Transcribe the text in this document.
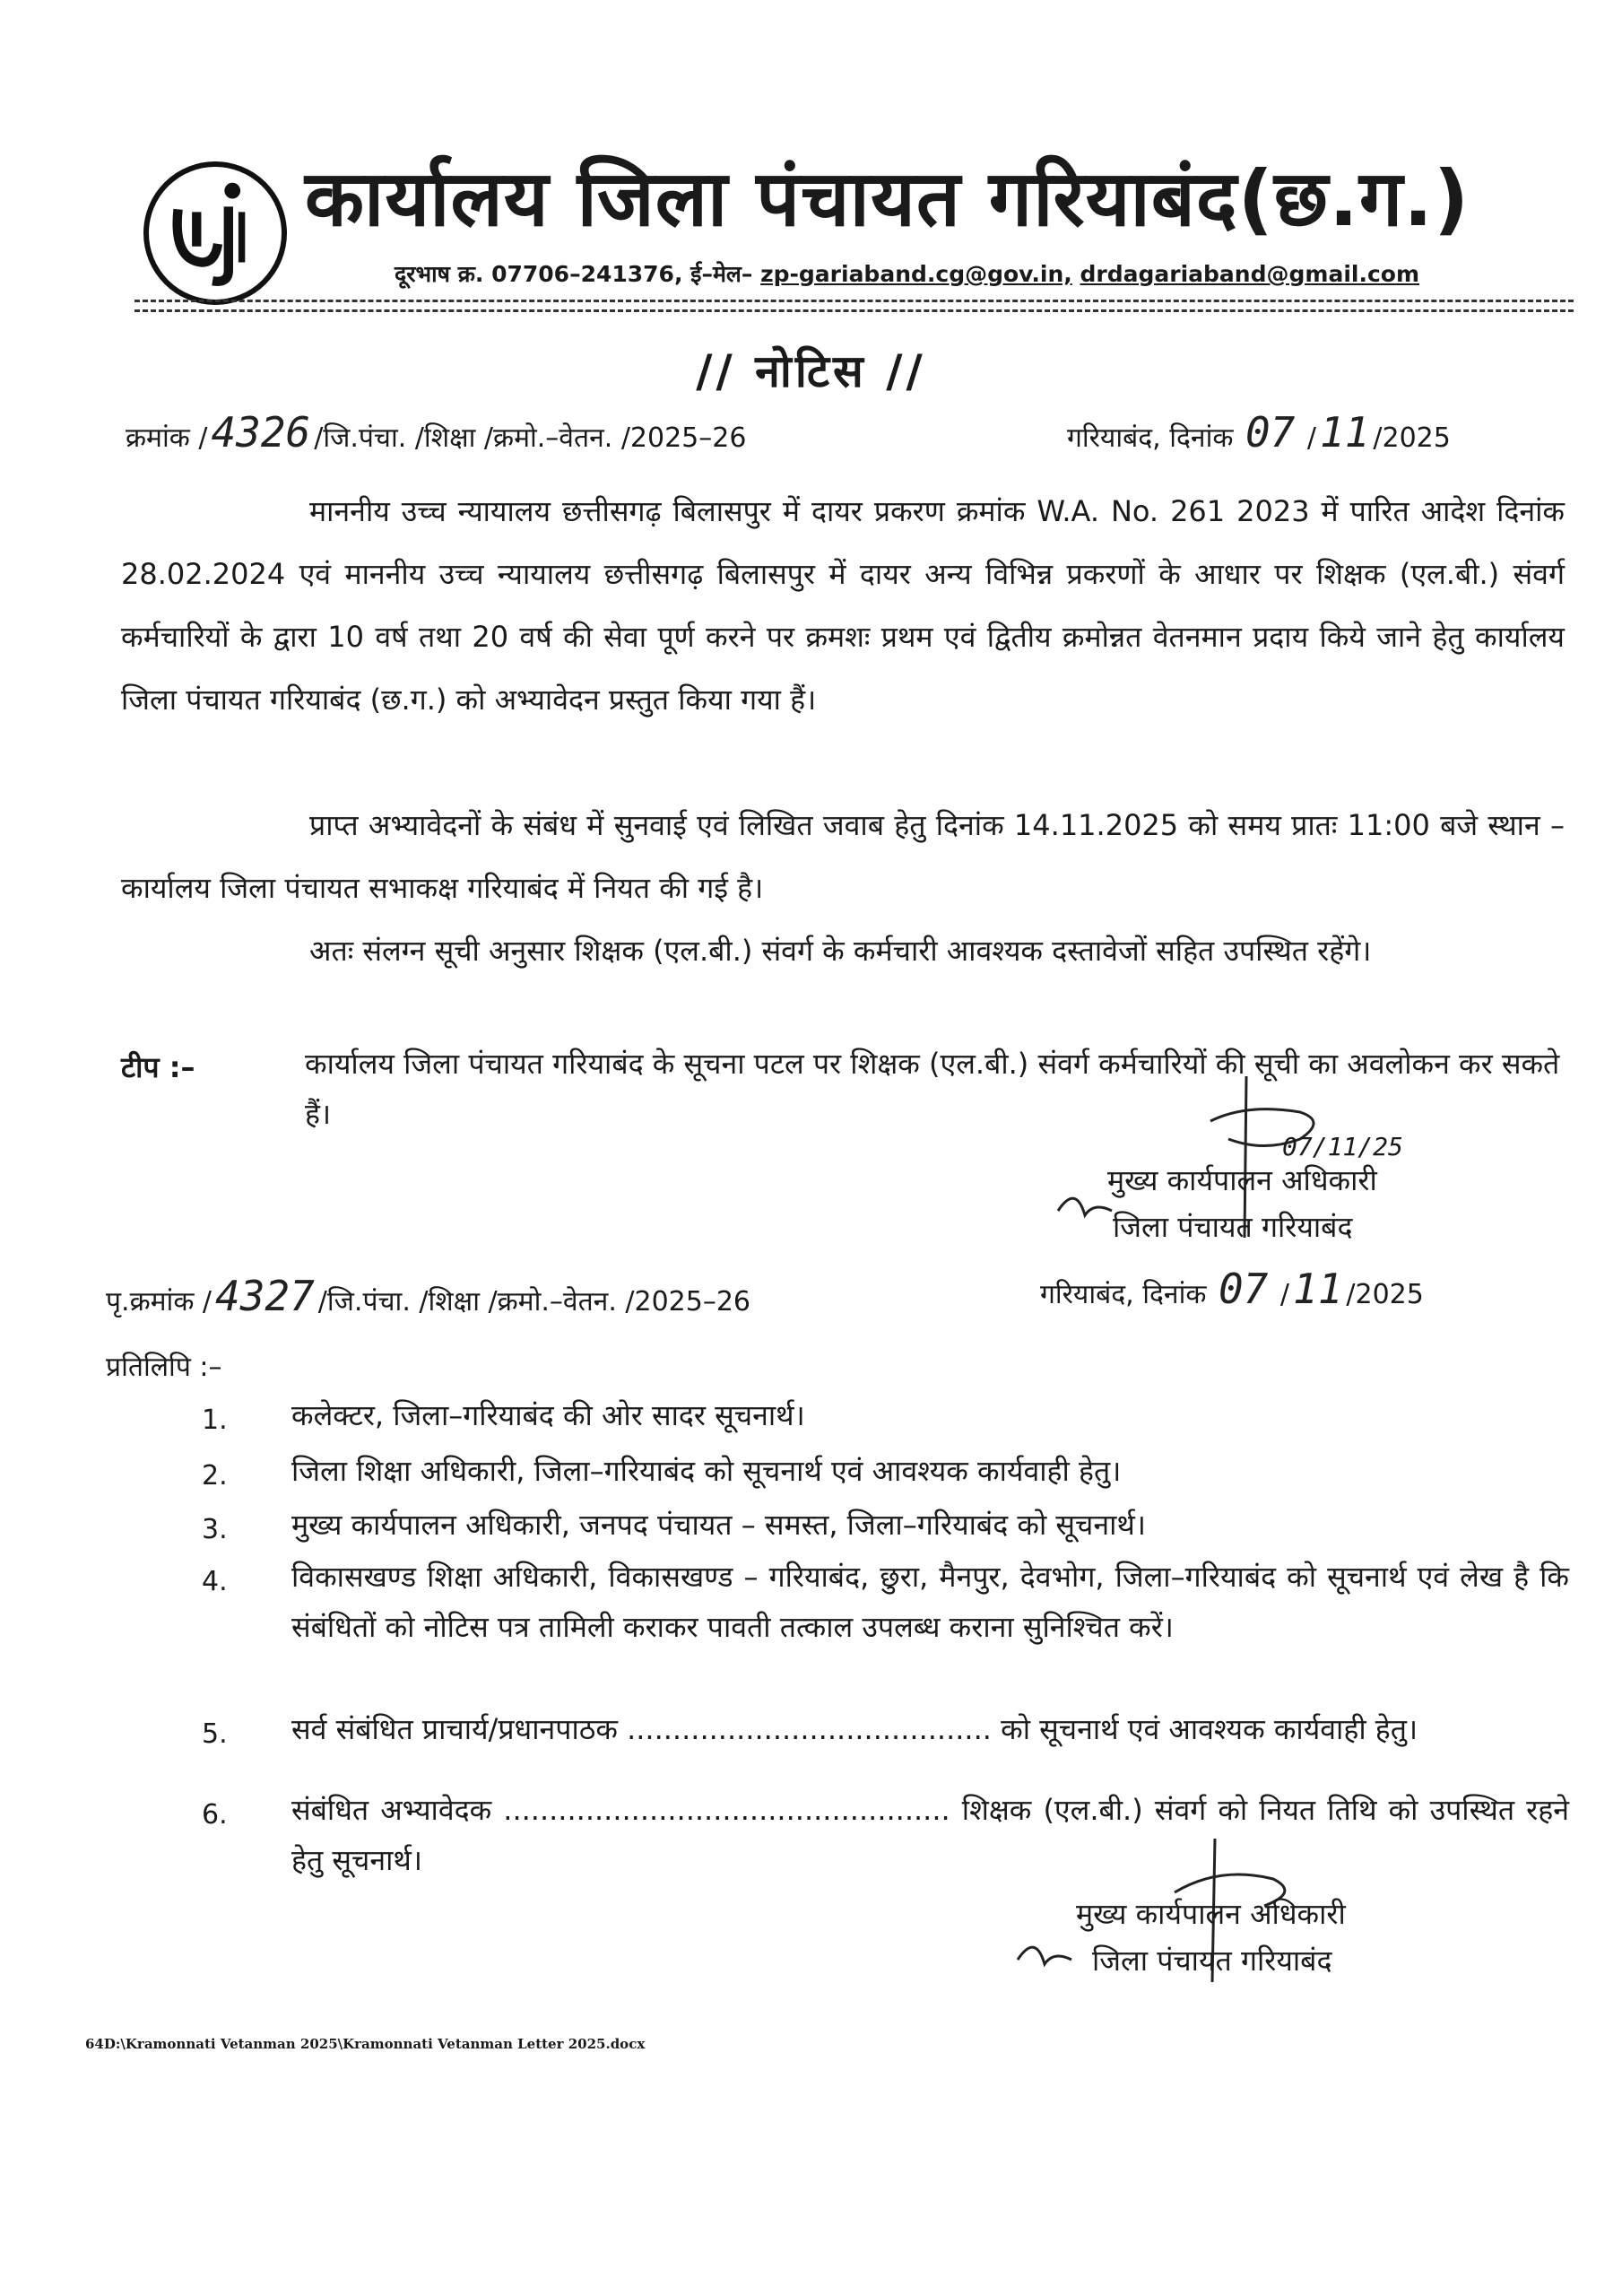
कार्यालय जिला पंचायत गरियाबंद(छ.ग.)
दूरभाष क्र. 07706–241376, ई–मेल– zp-gariaband.cg@gov.in, drdagariaband@gmail.com
// नोटिस //
क्रमांक /4326 /जि.पंचा. /शिक्षा /क्रमो.–वेतन. /2025–26	गरियाबंद, दिनांक 07 /11 /2025
माननीय उच्च न्यायालय छत्तीसगढ़ बिलासपुर में दायर प्रकरण क्रमांक W.A. No. 261 2023 में पारित आदेश दिनांक 28.02.2024 एवं माननीय उच्च न्यायालय छत्तीसगढ़ बिलासपुर में दायर अन्य विभिन्न प्रकरणों के आधार पर शिक्षक (एल.बी.) संवर्ग कर्मचारियों के द्वारा 10 वर्ष तथा 20 वर्ष की सेवा पूर्ण करने पर क्रमशः प्रथम एवं द्वितीय क्रमोन्नत वेतनमान प्रदाय किये जाने हेतु कार्यालय जिला पंचायत गरियाबंद (छ.ग.) को अभ्यावेदन प्रस्तुत किया गया हैं।
प्राप्त अभ्यावेदनों के संबंध में सुनवाई एवं लिखित जवाब हेतु दिनांक 14.11.2025 को समय प्रातः 11:00 बजे स्थान – कार्यालय जिला पंचायत सभाकक्ष गरियाबंद में नियत की गई है।
अतः संलग्न सूची अनुसार शिक्षक (एल.बी.) संवर्ग के कर्मचारी आवश्यक दस्तावेजों सहित उपस्थित रहेंगे।
टीप :–	कार्यालय जिला पंचायत गरियाबंद के सूचना पटल पर शिक्षक (एल.बी.) संवर्ग कर्मचारियों की सूची का अवलोकन कर सकते हैं।
07/11/25
मुख्य कार्यपालन अधिकारी
जिला पंचायत गरियाबंद
पृ.क्रमांक /4327 /जि.पंचा. /शिक्षा /क्रमो.–वेतन. /2025–26	गरियाबंद, दिनांक 07 /11 /2025
प्रतिलिपि :–
1.	कलेक्टर, जिला–गरियाबंद की ओर सादर सूचनार्थ।
2.	जिला शिक्षा अधिकारी, जिला–गरियाबंद को सूचनार्थ एवं आवश्यक कार्यवाही हेतु।
3.	मुख्य कार्यपालन अधिकारी, जनपद पंचायत – समस्त, जिला–गरियाबंद को सूचनार्थ।
4.	विकासखण्ड शिक्षा अधिकारी, विकासखण्ड – गरियाबंद, छुरा, मैनपुर, देवभोग, जिला–गरियाबंद को सूचनार्थ एवं लेख है कि संबंधितों को नोटिस पत्र तामिली कराकर पावती तत्काल उपलब्ध कराना सुनिश्चित करें।
5.	सर्व संबंधित प्राचार्य/प्रधानपाठक ........................................ को सूचनार्थ एवं आवश्यक कार्यवाही हेतु।
6.	संबंधित अभ्यावेदक ................................................. शिक्षक (एल.बी.) संवर्ग को नियत तिथि को उपस्थित रहने हेतु सूचनार्थ।
मुख्य कार्यपालन अधिकारी
जिला पंचायत गरियाबंद
64D:\Kramonnati Vetanman 2025\Kramonnati Vetanman Letter 2025.docx
